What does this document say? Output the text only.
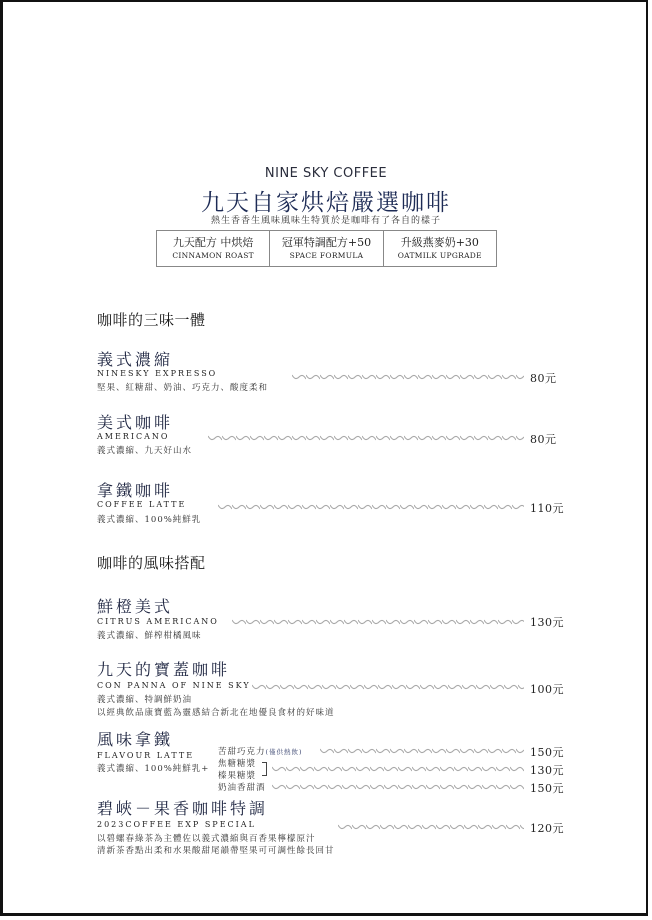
NINE SKY COFFEE
九天自家烘焙嚴選咖啡
熱生香香生風味風味生特質於是咖啡有了各自的樣子
九天配方 中烘焙
CINNAMON ROAST
冠軍特調配方+50
SPACE FORMULA
升級燕麥奶+30
OATMILK UPGRADE
咖啡的三味一體
義式濃縮
NINESKY EXPRESSO
堅果、紅糖甜、奶油、巧克力、酸度柔和
80元
美式咖啡
AMERICANO
義式濃縮、九天好山水
80元
拿鐵咖啡
COFFEE LATTE
義式濃縮、100%純鮮乳
110元
咖啡的風味搭配
鮮橙美式
CITRUS AMERICANO
義式濃縮、鮮榨柑橘風味
130元
九天的寶蓋咖啡
CON PANNA OF NINE SKY
義式濃縮、特調鮮奶油
以經典飲品康寶藍為靈感結合新北在地優良食材的好味道
100元
風味拿鐵
FLAVOUR LATTE
義式濃縮、100%純鮮乳+
苦甜巧克力(僅供熱飲)
焦糖糖漿
榛果糖漿
奶油香甜酒
150元
130元
150元
碧峽－果香咖啡特調
2023COFFEE EXP SPECIAL
以碧螺春綠茶為主體佐以義式濃縮與百香果檸檬原汁
清新茶香點出柔和水果酸甜尾韻帶堅果可可調性餘長回甘
120元
